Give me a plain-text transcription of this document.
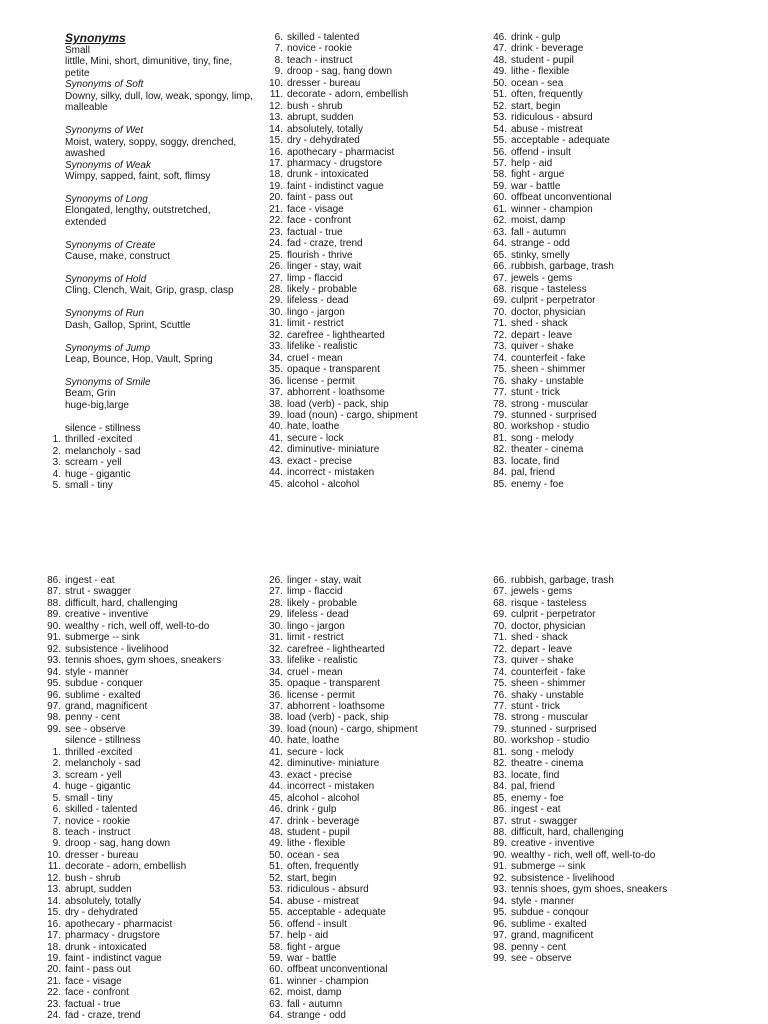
Synonyms
Small
littlle, Mini, short, dimunitive, tiny, fine,
petite
Synonyms of Soft
Downy, silky, dull, low, weak, spongy, limp,
malleable
Synonyms of Wet
Moist, watery, soppy, soggy, drenched,
awashed
Synonyms of Weak
Wimpy, sapped, faint, soft, flimsy
Synonyms of Long
Elongated, lengthy, outstretched,
extended
Synonyms of Create
Cause, make, construct
Synonyms of Hold
Cling, Clench, Wait, Grip, grasp, clasp
Synonyms of Run
Dash, Gallop, Sprint, Scuttle
Synonyms of Jump
Leap, Bounce, Hop, Vault, Spring
Synonyms of Smile
Beam, Grin
huge-big,large
silence - stillness
1. thrilled -excited
2. melancholy - sad
3. scream - yell
4. huge - gigantic
5. small - tiny
6. skilled - talented
7. novice - rookie
8. teach - instruct
9. droop - sag, hang down
10. dresser - bureau
11. decorate - adorn, embellish
12. bush - shrub
13. abrupt, sudden
14. absolutely, totally
15. dry - dehydrated
16. apothecary - pharmacist
17. pharmacy - drugstore
18. drunk - intoxicated
19. faint - indistinct vague
20. faint - pass out
21. face - visage
22. face - confront
23. factual - true
24. fad - craze, trend
25. flourish - thrive
26. linger - stay, wait
27. limp - flaccid
28. likely - probable
29. lifeless - dead
30. lingo - jargon
31. limit - restrict
32. carefree - lighthearted
33. lifelike - realistic
34. cruel - mean
35. opaque - transparent
36. license - permit
37. abhorrent - loathsome
38. load (verb) - pack, ship
39. load (noun) - cargo, shipment
40. hate, loathe
41. secure - lock
42. diminutive- miniature
43. exact - precise
44. incorrect - mistaken
45. alcohol - alcohol
46. drink - gulp
47. drink - beverage
48. student - pupil
49. lithe - flexible
50. ocean - sea
51. often, frequently
52. start, begin
53. ridiculous - absurd
54. abuse - mistreat
55. acceptable - adequate
56. offend - insult
57. help - aid
58. fight - argue
59. war - battle
60. offbeat unconventional
61. winner - champion
62. moist, damp
63. fall - autumn
64. strange - odd
65. stinky, smelly
66. rubbish, garbage, trash
67. jewels - gems
68. risque - tasteless
69. culprit - perpetrator
70. doctor, physician
71. shed - shack
72. depart - leave
73. quiver - shake
74. counterfeit - fake
75. sheen - shimmer
76. shaky - unstable
77. stunt - trick
78. strong - muscular
79. stunned - surprised
80. workshop - studio
81. song - melody
82. theater - cinema
83. locate, find
84. pal, friend
85. enemy - foe
86. ingest - eat
87. strut - swagger
88. difficult, hard, challenging
89. creative - inventive
90. wealthy - rich, well off, well-to-do
91. submerge -- sink
92. subsistence - livelihood
93. tennis shoes, gym shoes, sneakers
94. style - manner
95. subdue - conquer
96. sublime - exalted
97. grand, magnificent
98. penny - cent
99. see - observe
silence - stillness
1. thrilled -excited
2. melancholy - sad
3. scream - yell
4. huge - gigantic
5. small - tiny
6. skilled - talented
7. novice - rookie
8. teach - instruct
9. droop - sag, hang down
10. dresser - bureau
11. decorate - adorn, embellish
12. bush - shrub
13. abrupt, sudden
14. absolutely, totally
15. dry - dehydrated
16. apothecary - pharmacist
17. pharmacy - drugstore
18. drunk - intoxicated
19. faint - indistinct vague
20. faint - pass out
21. face - visage
22. face - confront
23. factual - true
24. fad - craze, trend
26. linger - stay, wait
27. limp - flaccid
28. likely - probable
29. lifeless - dead
30. lingo - jargon
31. limit - restrict
32. carefree - lighthearted
33. lifelike - realistic
34. cruel - mean
35. opaque - transparent
36. license - permit
37. abhorrent - loathsome
38. load (verb) - pack, ship
39. load (noun) - cargo, shipment
40. hate, loathe
41. secure - lock
42. diminutive- miniature
43. exact - precise
44. incorrect - mistaken
45. alcohol - alcohol
46. drink - gulp
47. drink - beverage
48. student - pupil
49. lithe - flexible
50. ocean - sea
51. often, frequently
52. start, begin
53. ridiculous - absurd
54. abuse - mistreat
55. acceptable - adequate
56. offend - insult
57. help - aid
58. fight - argue
59. war - battle
60. offbeat unconventional
61. winner - champion
62. moist, damp
63. fall - autumn
64. strange - odd
66. rubbish, garbage, trash
67. jewels - gems
68. risque - tasteless
69. culprit - perpetrator
70. doctor, physician
71. shed - shack
72. depart - leave
73. quiver - shake
74. counterfeit - fake
75. sheen - shimmer
76. shaky - unstable
77. stunt - trick
78. strong - muscular
79. stunned - surprised
80. workshop - studio
81. song - melody
82. theatre - cinema
83. locate, find
84. pal, friend
85. enemy - foe
86. ingest - eat
87. strut - swagger
88. difficult, hard, challenging
89. creative - inventive
90. wealthy - rich, well off, well-to-do
91. submerge -- sink
92. subsistence - livelihood
93. tennis shoes, gym shoes, sneakers
94. style - manner
95. subdue - conqour
96. sublime - exalted
97. grand, magnificent
98. penny - cent
99. see - observe
